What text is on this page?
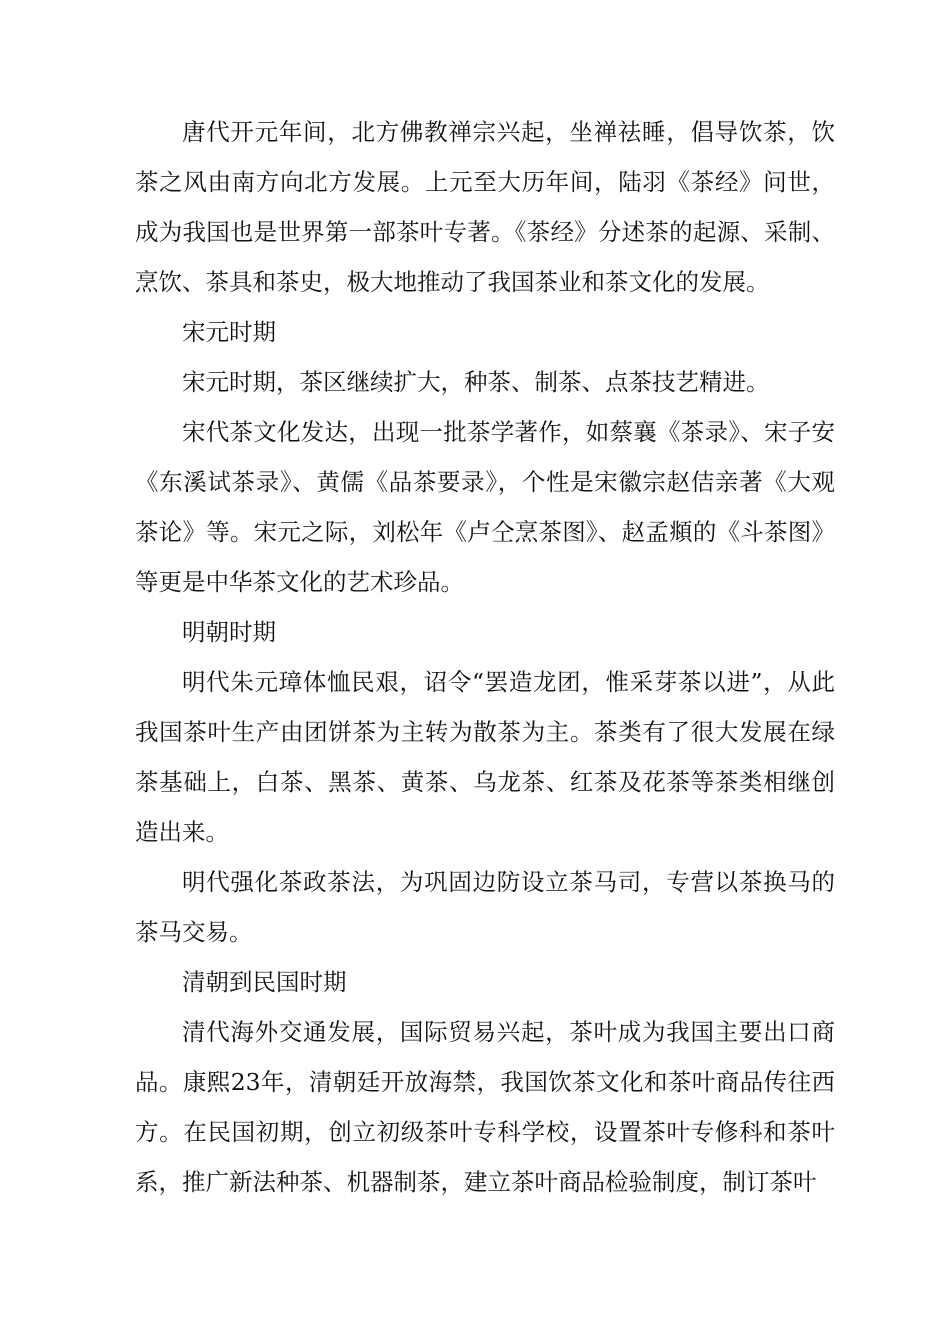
唐代开元年间，北方佛教禅宗兴起，坐禅祛睡，倡导饮茶，饮茶之风由南方向北方发展。上元至大历年间，陆羽《茶经》问世，成为我国也是世界第一部茶叶专著。《茶经》分述茶的起源、采制、烹饮、茶具和茶史，极大地推动了我国茶业和茶文化的发展。

宋元时期

宋元时期，茶区继续扩大，种茶、制茶、点茶技艺精进。

宋代茶文化发达，出现一批茶学著作，如蔡襄《茶录》、宋子安《东溪试茶录》、黄儒《品茶要录》，个性是宋徽宗赵佶亲著《大观茶论》等。宋元之际，刘松年《卢仝烹茶图》、赵孟頫的《斗茶图》等更是中华茶文化的艺术珍品。

明朝时期

明代朱元璋体恤民艰，诏令“罢造龙团，惟采芽茶以进”，从此我国茶叶生产由团饼茶为主转为散茶为主。茶类有了很大发展在绿茶基础上，白茶、黑茶、黄茶、乌龙茶、红茶及花茶等茶类相继创造出来。

明代强化茶政茶法，为巩固边防设立茶马司，专营以茶换马的茶马交易。

清朝到民国时期

清代海外交通发展，国际贸易兴起，茶叶成为我国主要出口商品。康熙23年，清朝廷开放海禁，我国饮茶文化和茶叶商品传往西方。在民国初期，创立初级茶叶专科学校，设置茶叶专修科和茶叶系，推广新法种茶、机器制茶，建立茶叶商品检验制度，制订茶叶
